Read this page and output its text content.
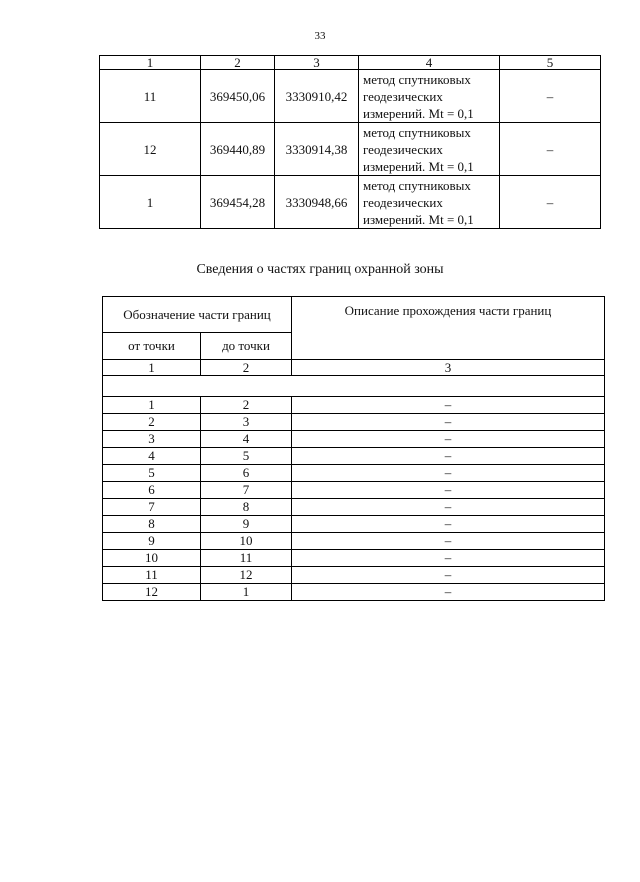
33
1	2	3	4	5
11	369450,06	3330910,42	метод спутниковых
геодезических
измерений. Mt = 0,1	–
12	369440,89	3330914,38	метод спутниковых
геодезических
измерений. Mt = 0,1	–
1	369454,28	3330948,66	метод спутниковых
геодезических
измерений. Mt = 0,1	–
Сведения о частях границ охранной зоны
Обозначение части границ		Описание прохождения части границ
от точки	до точки	
1	2	3

1	2	–
2	3	–
3	4	–
4	5	–
5	6	–
6	7	–
7	8	–
8	9	–
9	10	–
10	11	–
11	12	–
12	1	–
